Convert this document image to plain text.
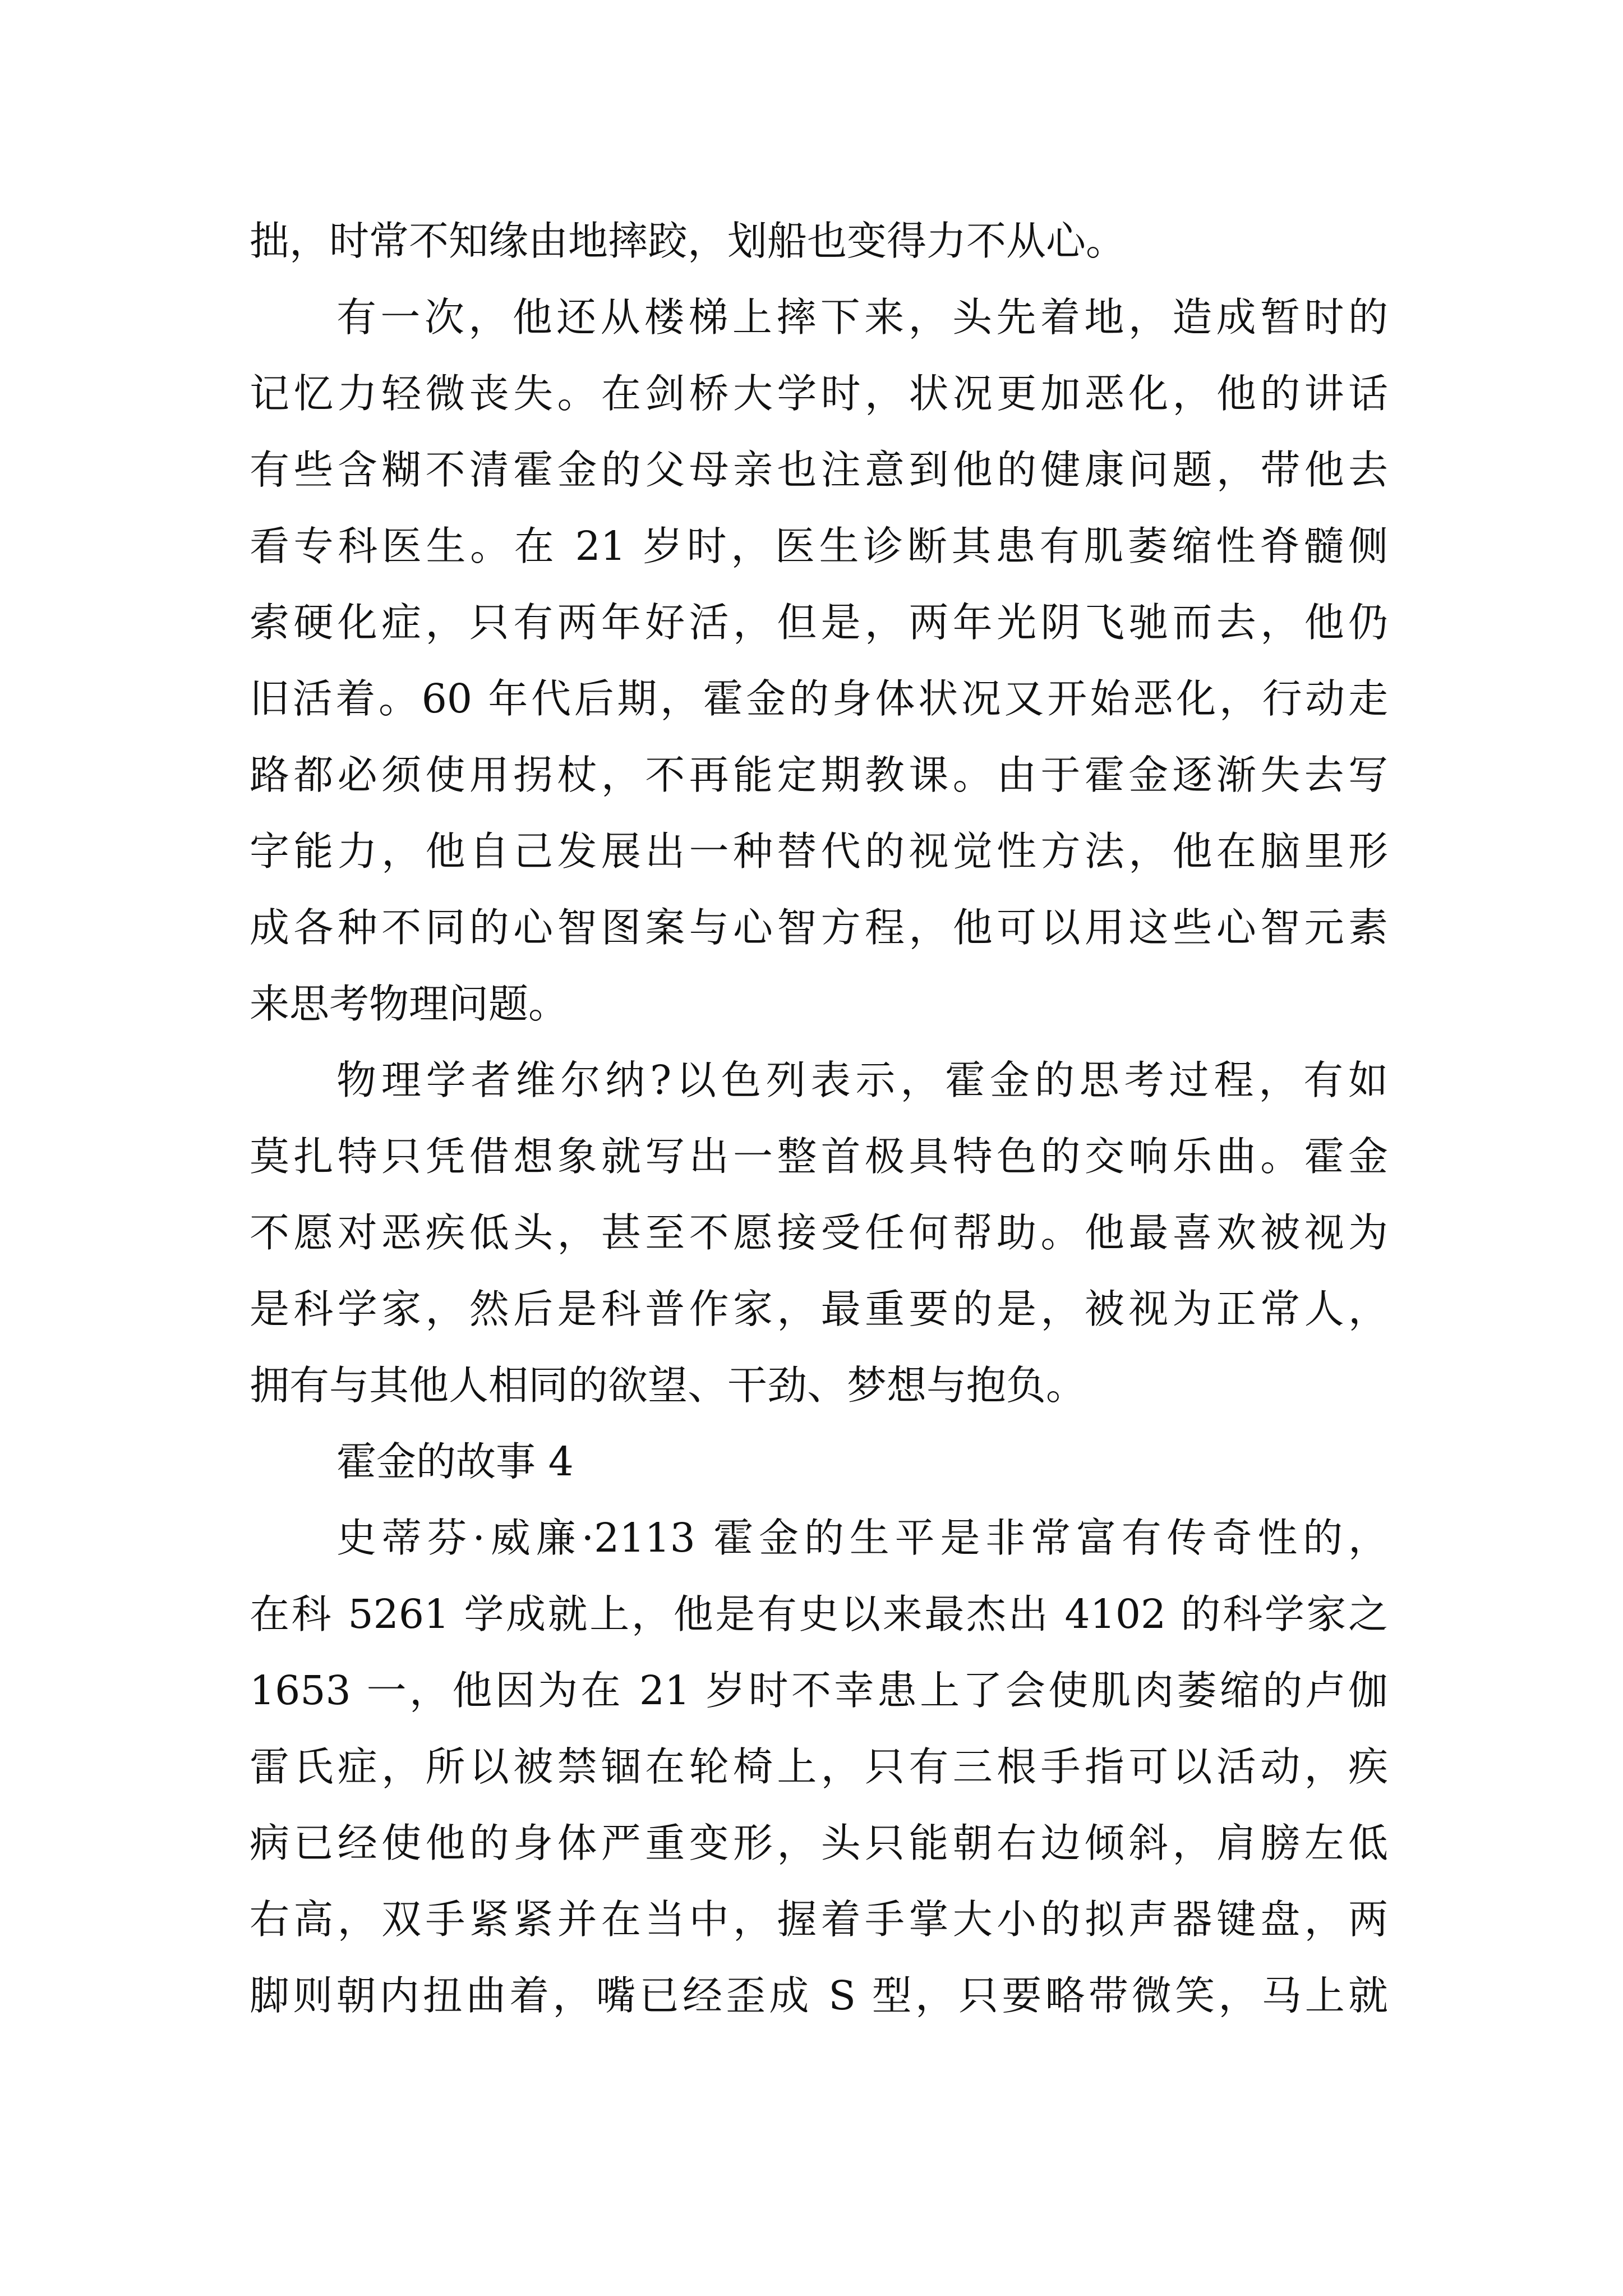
拙，时常不知缘由地摔跤，划船也变得力不从心。
有一次，他还从楼梯上摔下来，头先着地，造成暂时的
记忆力轻微丧失。在剑桥大学时，状况更加恶化，他的讲话
有些含糊不清霍金的父母亲也注意到他的健康问题，带他去
看专科医生。在 21 岁时，医生诊断其患有肌萎缩性脊髓侧
索硬化症，只有两年好活，但是，两年光阴飞驰而去，他仍
旧活着。60 年代后期，霍金的身体状况又开始恶化，行动走
路都必须使用拐杖，不再能定期教课。由于霍金逐渐失去写
字能力，他自己发展出一种替代的视觉性方法，他在脑里形
成各种不同的心智图案与心智方程，他可以用这些心智元素
来思考物理问题。
物理学者维尔纳?以色列表示，霍金的思考过程，有如
莫扎特只凭借想象就写出一整首极具特色的交响乐曲。霍金
不愿对恶疾低头，甚至不愿接受任何帮助。他最喜欢被视为
是科学家，然后是科普作家，最重要的是，被视为正常人，
拥有与其他人相同的欲望、干劲、梦想与抱负。
霍金的故事 4
史蒂芬·威廉·2113 霍金的生平是非常富有传奇性的，
在科 5261 学成就上，他是有史以来最杰出 4102 的科学家之
1653 一，他因为在 21 岁时不幸患上了会使肌肉萎缩的卢伽
雷氏症，所以被禁锢在轮椅上，只有三根手指可以活动，疾
病已经使他的身体严重变形，头只能朝右边倾斜，肩膀左低
右高，双手紧紧并在当中，握着手掌大小的拟声器键盘，两
脚则朝内扭曲着，嘴已经歪成 S 型，只要略带微笑，马上就
